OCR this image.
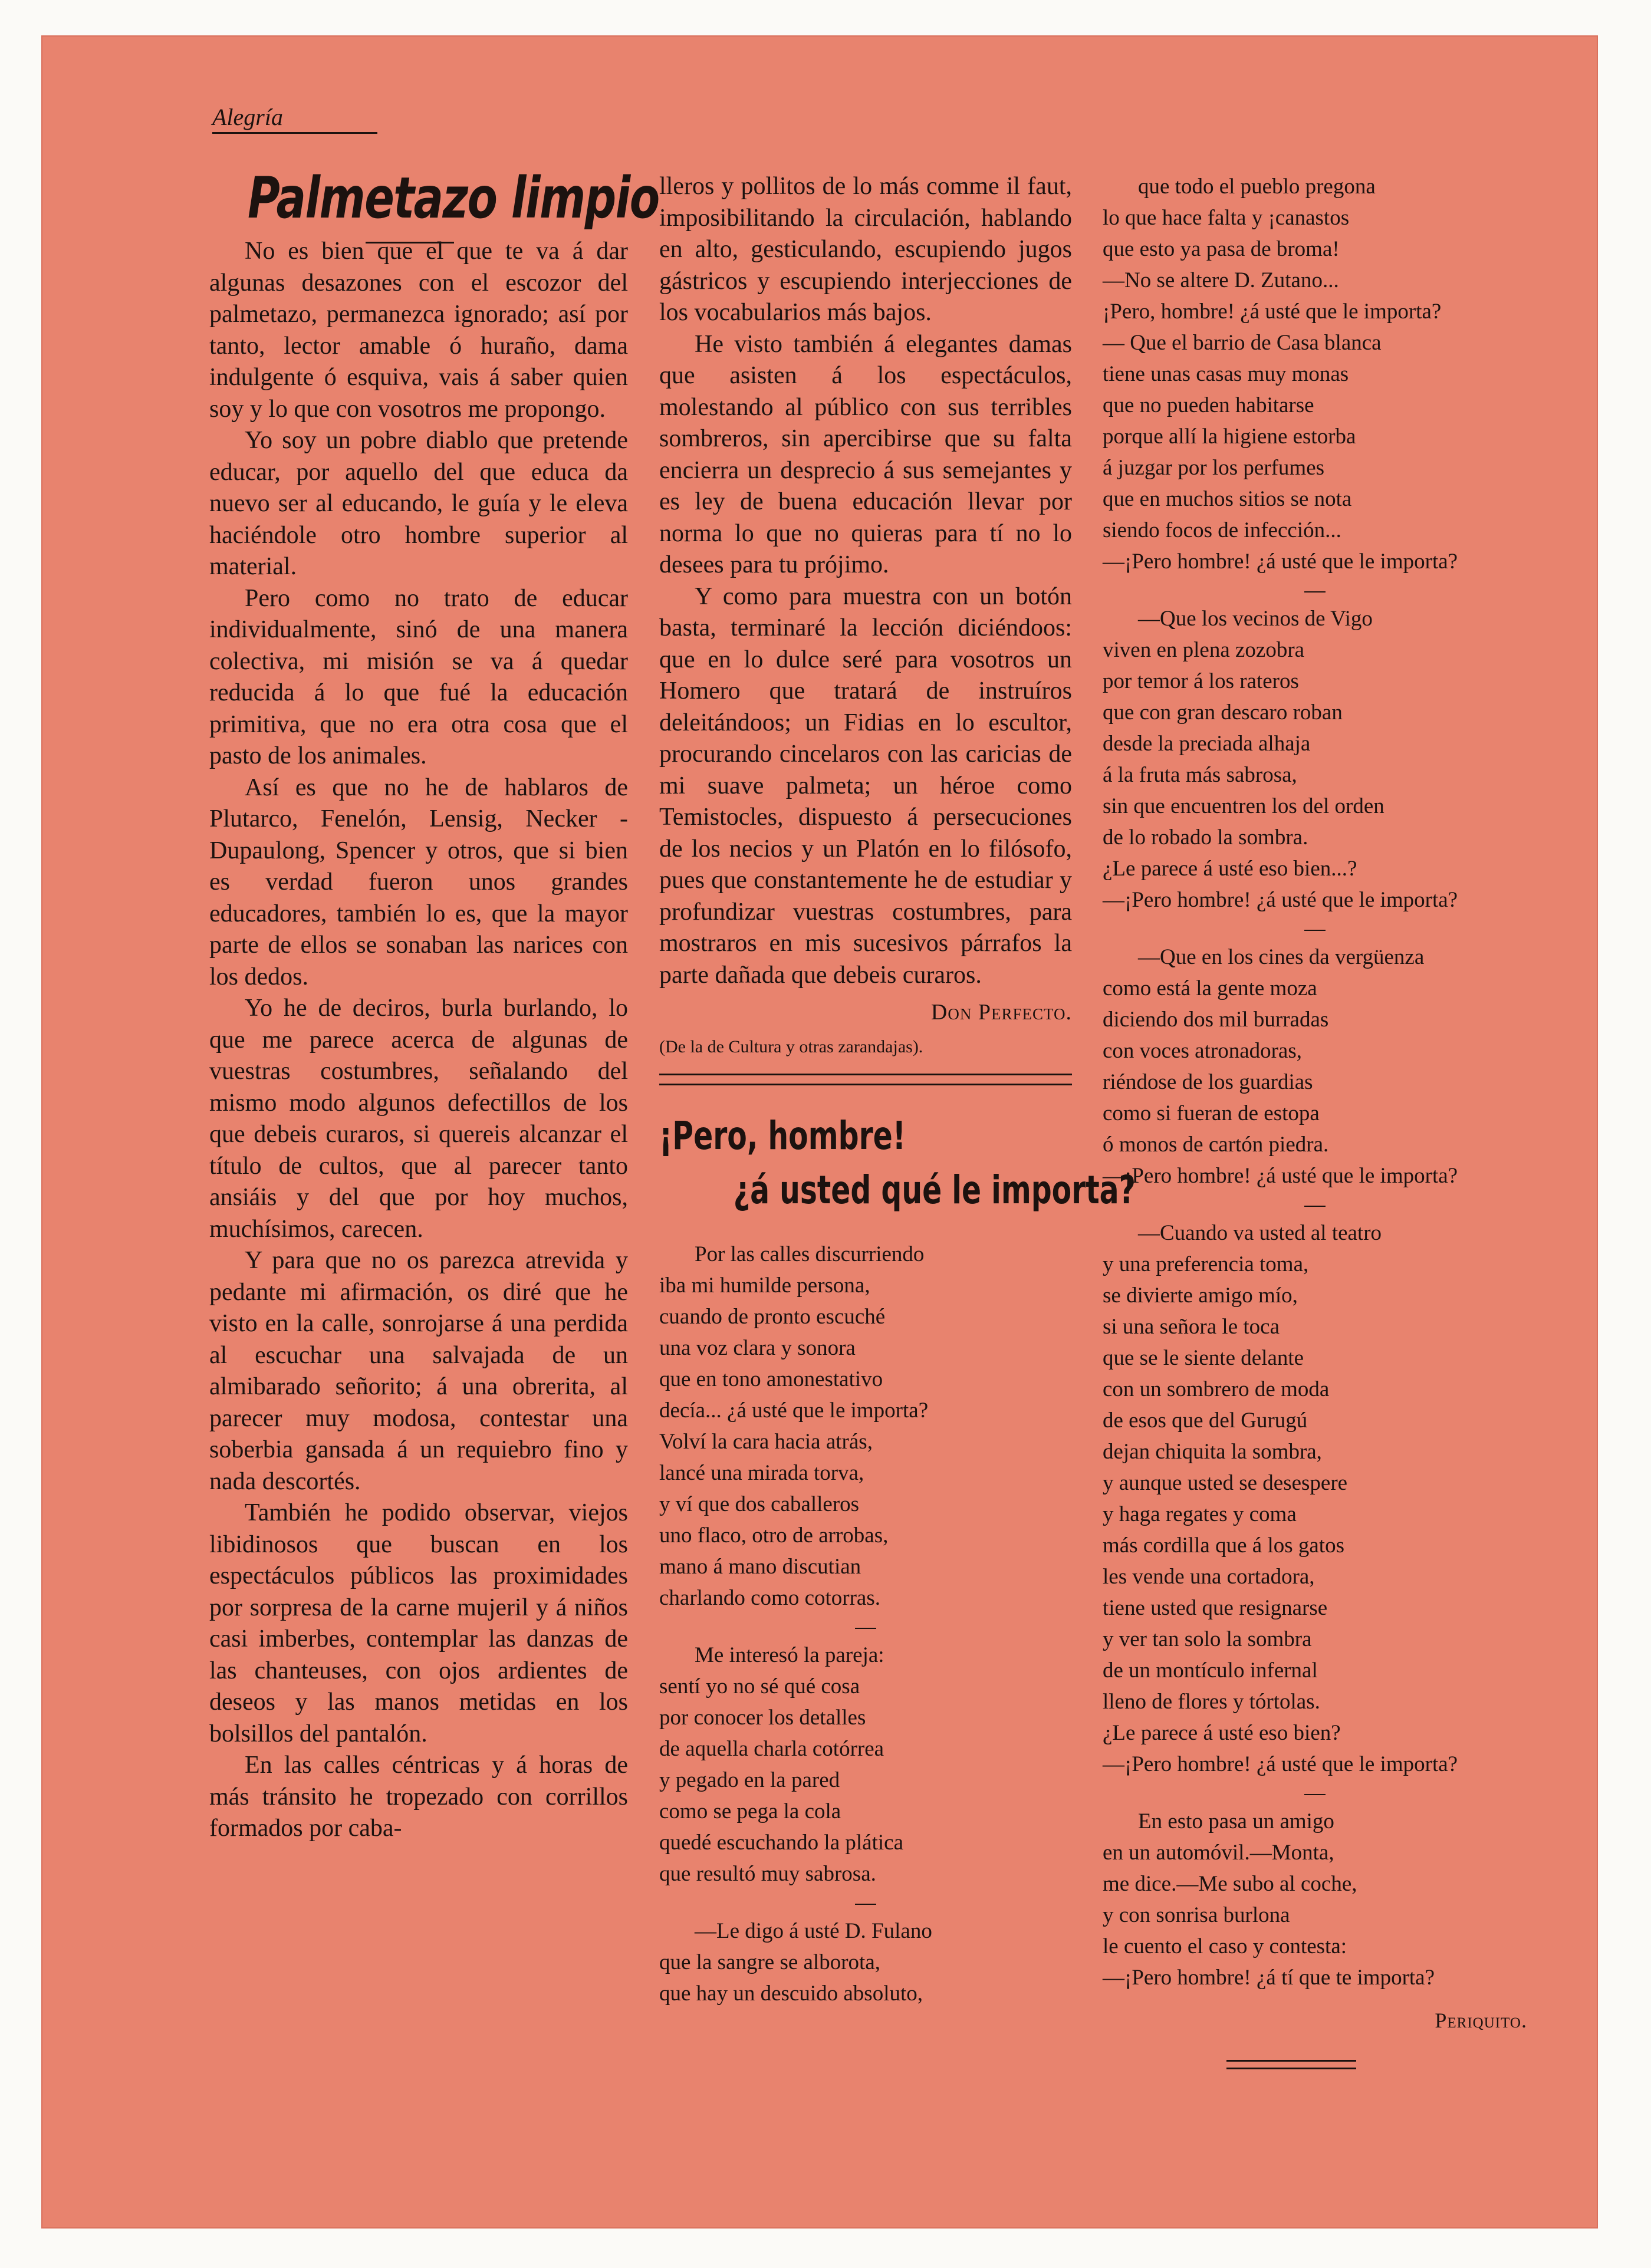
Alegría
Palmetazo limpio

No es bien que el que te va á dar algunas desazones con el escozor del palmetazo, permanezca ignorado; así por tanto, lector amable ó huraño, dama indulgente ó esquiva, vais á saber quien soy y lo que con vosotros me propongo.

Yo soy un pobre diablo que pretende educar, por aquello del que educa da nuevo ser al educando, le guía y le eleva haciéndole otro hombre superior al material.

Pero como no trato de educar individualmente, sinó de una manera colectiva, mi misión se va á quedar reducida á lo que fué la educación primitiva, que no era otra cosa que el pasto de los animales.

Así es que no he de hablaros de Plutarco, Fenelón, Lensig, Necker - Dupaulong, Spencer y otros, que si bien es verdad fueron unos grandes educadores, también lo es, que la mayor parte de ellos se sonaban las narices con los dedos.

Yo he de deciros, burla burlando, lo que me parece acerca de algunas de vuestras costumbres, señalando del mismo modo algunos defectillos de los que debeis curaros, si quereis alcanzar el título de cultos, que al parecer tanto ansiáis y del que por hoy muchos, muchísimos, carecen.

Y para que no os parezca atrevida y pedante mi afirmación, os diré que he visto en la calle, sonrojarse á una perdida al escuchar una salvajada de un almibarado señorito; á una obrerita, al parecer muy modosa, contestar una soberbia gansada á un requiebro fino y nada descortés.

También he podido observar, viejos libidinosos que buscan en los espectáculos públicos las proximidades por sorpresa de la carne mujeril y á niños casi imberbes, contemplar las danzas de las chanteuses, con ojos ardientes de deseos y las manos metidas en los bolsillos del pantalón.

En las calles céntricas y á horas de más tránsito he tropezado con corrillos formados por caba-

lleros y pollitos de lo más comme il faut, imposibilitando la circulación, hablando en alto, gesticulando, escupiendo jugos gástricos y escupiendo interjecciones de los vocabularios más bajos.

He visto también á elegantes damas que asisten á los espectáculos, molestando al público con sus terribles sombreros, sin apercibirse que su falta encierra un desprecio á sus semejantes y es ley de buena educación llevar por norma lo que no quieras para tí no lo desees para tu prójimo.

Y como para muestra con un botón basta, terminaré la lección diciéndoos: que en lo dulce seré para vosotros un Homero que tratará de instruíros deleitándoos; un Fidias en lo escultor, procurando cincelaros con las caricias de mi suave palmeta; un héroe como Temistocles, dispuesto á persecuciones de los necios y un Platón en lo filósofo, pues que constantemente he de estudiar y profundizar vuestras costumbres, para mostraros en mis sucesivos párrafos la parte dañada que debeis curaros.

Don Perfecto.
(De la de Cultura y otras zarandajas).
¡Pero, hombre!
¿á usted qué le importa?
Por las calles discurriendo
iba mi humilde persona,
cuando de pronto escuché
una voz clara y sonora
que en tono amonestativo
decía... ¿á usté que le importa?
Volví la cara hacia atrás,
lancé una mirada torva,
y ví que dos caballeros
uno flaco, otro de arrobas,
mano á mano discutian
charlando como cotorras.
Me interesó la pareja:
sentí yo no sé qué cosa
por conocer los detalles
de aquella charla cotórrea
y pegado en la pared
como se pega la cola
quedé escuchando la plática
que resultó muy sabrosa.
—Le digo á usté D. Fulano
que la sangre se alborota,
que hay un descuido absoluto,
que todo el pueblo pregona
lo que hace falta y ¡canastos
que esto ya pasa de broma!
—No se altere D. Zutano...
¡Pero, hombre! ¿á usté que le importa?
— Que el barrio de Casa blanca
tiene unas casas muy monas
que no pueden habitarse
porque allí la higiene estorba
á juzgar por los perfumes
que en muchos sitios se nota
siendo focos de infección...
—¡Pero hombre! ¿á usté que le importa?
—Que los vecinos de Vigo
viven en plena zozobra
por temor á los rateros
que con gran descaro roban
desde la preciada alhaja
á la fruta más sabrosa,
sin que encuentren los del orden
de lo robado la sombra.
¿Le parece á usté eso bien...?
—¡Pero hombre! ¿á usté que le importa?
—Que en los cines da vergüenza
como está la gente moza
diciendo dos mil burradas
con voces atronadoras,
riéndose de los guardias
como si fueran de estopa
ó monos de cartón piedra.
—¡Pero hombre! ¿á usté que le importa?
—Cuando va usted al teatro
y una preferencia toma,
se divierte amigo mío,
si una señora le toca
que se le siente delante
con un sombrero de moda
de esos que del Gurugú
dejan chiquita la sombra,
y aunque usted se desespere
y haga regates y coma
más cordilla que á los gatos
les vende una cortadora,
tiene usted que resignarse
y ver tan solo la sombra
de un montículo infernal
lleno de flores y tórtolas.
¿Le parece á usté eso bien?
—¡Pero hombre! ¿á usté que le importa?
En esto pasa un amigo
en un automóvil.—Monta,
me dice.—Me subo al coche,
y con sonrisa burlona
le cuento el caso y contesta:
—¡Pero hombre! ¿á tí que te importa?
Periquito.
